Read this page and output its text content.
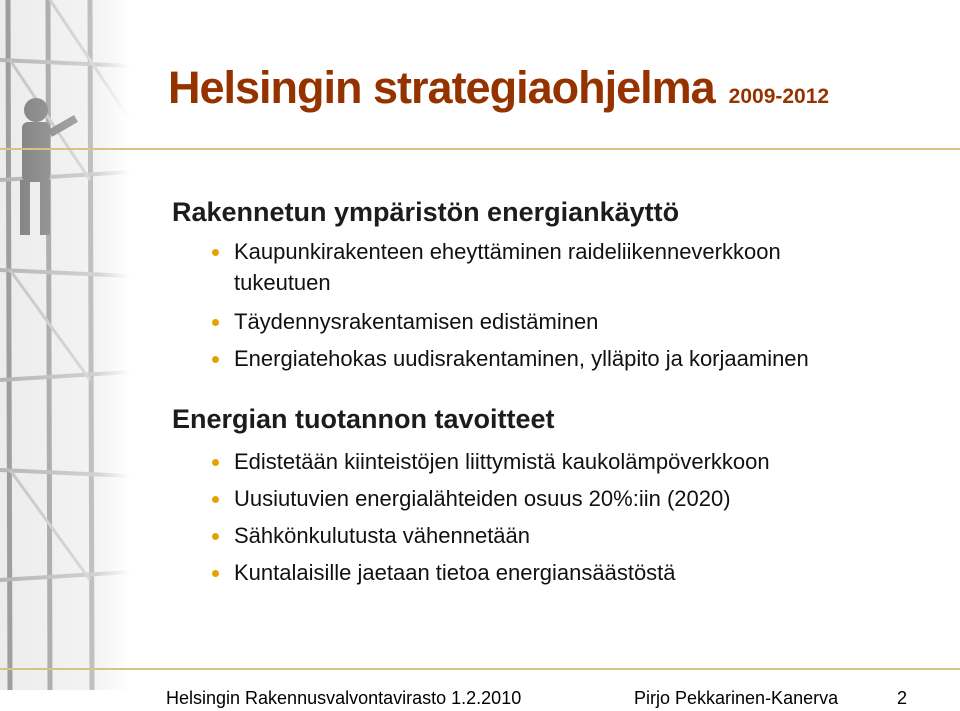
Helsingin strategiaohjelma 2009-2012
Rakennetun ympäristön energiankäyttö
Kaupunkirakenteen eheyttäminen raideliikenneverkkoon
tukeutuen
Täydennysrakentamisen edistäminen
Energiatehokas uudisrakentaminen, ylläpito ja korjaaminen
Energian tuotannon tavoitteet
Edistetään kiinteistöjen liittymistä kaukolämpöverkkoon
Uusiutuvien energialähteiden osuus 20%:iin (2020)
Sähkönkulutusta vähennetään
Kuntalaisille jaetaan tietoa energiansäästöstä
Helsingin Rakennusvalvontavirasto 1.2.2010	Pirjo Pekkarinen-Kanerva	2
